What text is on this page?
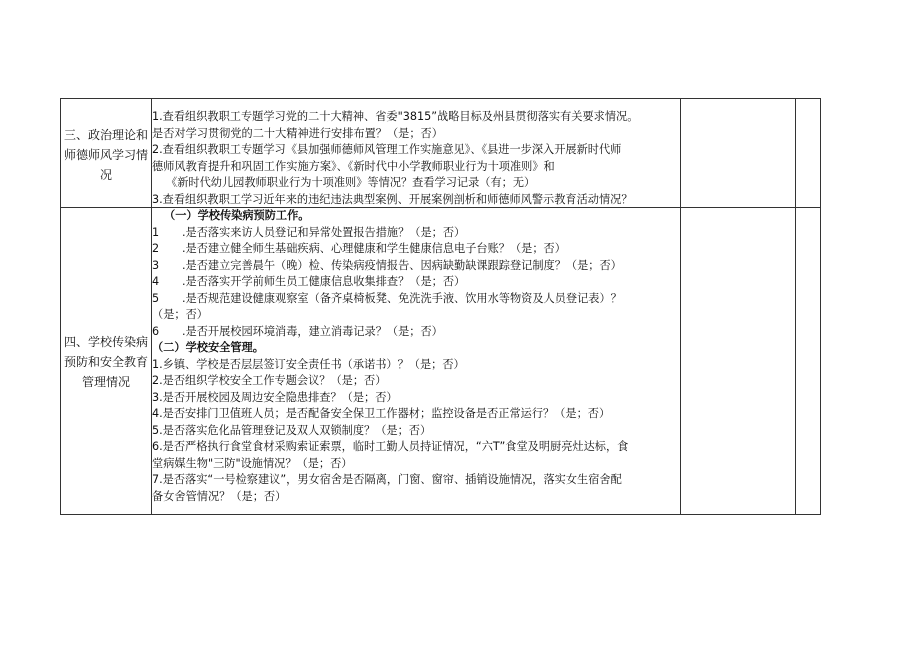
三、政治理论和
师德师风学习情
况
1.查看组织教职工专题学习党的二十大精神、省委"3815”战略目标及州县贯彻落实有关要求情况。
是否对学习贯彻党的二十大精神进行安排布置？（是；否）
2.查看组织教职工专题学习《县加强师德师风管理工作实施意见》、《县进一步深入开展新时代师
德师风教育提升和巩固工作实施方案》、《新时代中小学教师职业行为十项准则》和
《新时代幼儿园教师职业行为十项准则》等情况？查看学习记录（有；无）
3.查看组织教职工学习近年来的违纪违法典型案例、开展案例剖析和师德师风警示教育活动情况？
四、学校传染病
预防和安全教育
管理情况
（一）学校传染病预防工作。
1 .是否落实来访人员登记和异常处置报告措施？（是；否）
2 .是否建立健全师生基础疾病、心理健康和学生健康信息电子台账？（是；否）
3 .是否建立完善晨午（晚）检、传染病疫情报告、因病缺勤缺课跟踪登记制度？（是；否）
4 .是否落实开学前师生员工健康信息收集排查？（是；否）
5 .是否规范建设健康观察室（备齐桌椅板凳、免洗洗手液、饮用水等物资及人员登记表）？
（是；否）
6 .是否开展校园环境消毒，建立消毒记录？（是；否）
（二）学校安全管理。
1.乡镇、学校是否层层签订安全责任书（承诺书）？（是；否）
2.是否组织学校安全工作专题会议？（是；否）
3.是否开展校园及周边安全隐患排查？（是；否）
4.是否安排门卫值班人员；是否配备安全保卫工作器材；监控设备是否正常运行？（是；否）
5.是否落实危化品管理登记及双人双锁制度？（是；否）
6.是否严格执行食堂食材采购索证索票，临时工勤人员持证情况，“六T”食堂及明厨亮灶达标，食
堂病媒生物"三防"设施情况？（是；否）
7.是否落实“一号检察建议”，男女宿舍是否隔离，门窗、窗帘、插销设施情况，落实女生宿舍配
备女舍管情况？（是；否）
